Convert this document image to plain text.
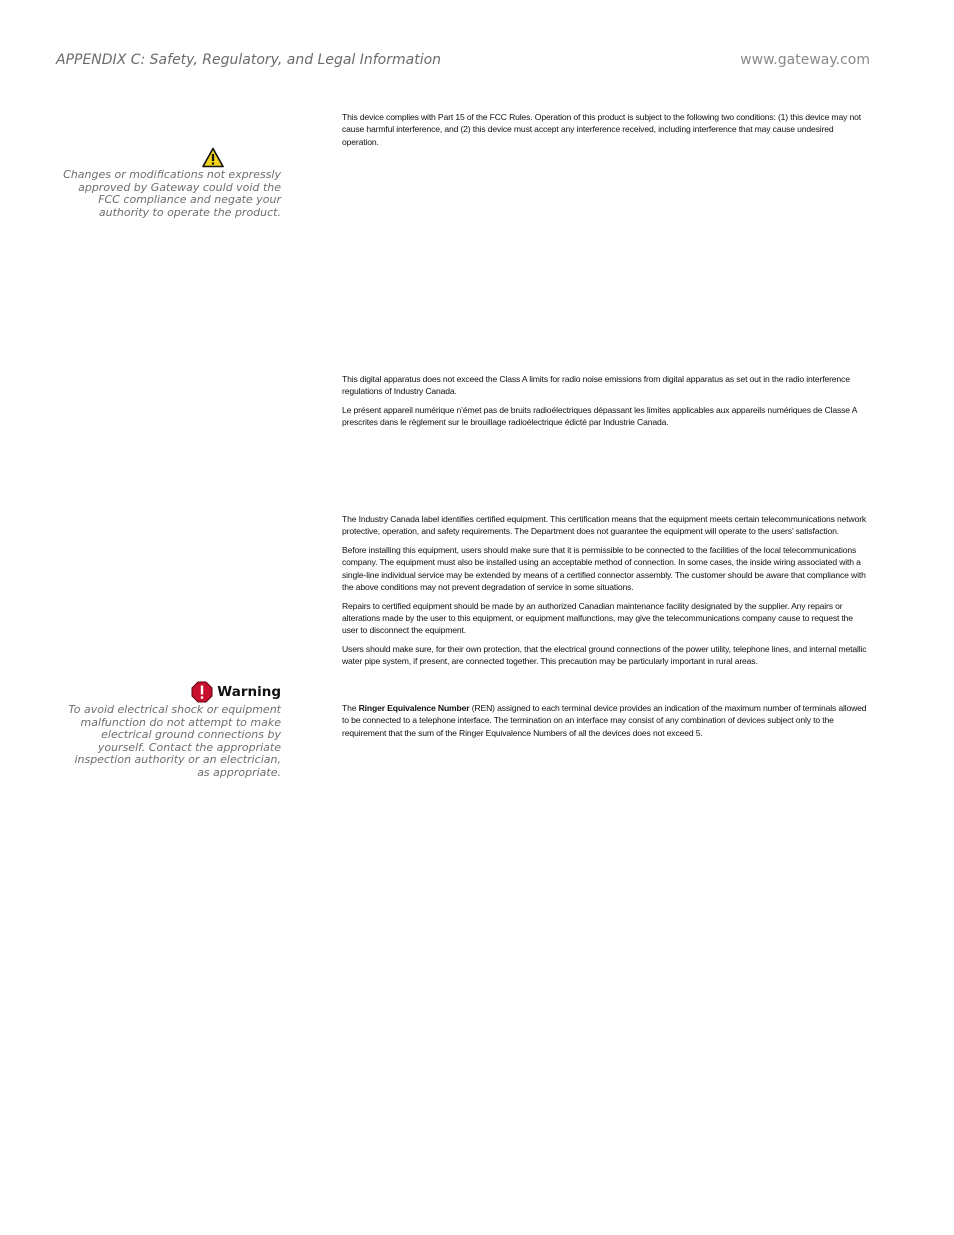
APPENDIX C: Safety, Regulatory, and Legal Information	www.gateway.com
Changes or modifications not expressly approved by Gateway could void the FCC compliance and negate your authority to operate the product.
Warning
To avoid electrical shock or equipment malfunction do not attempt to make electrical ground connections by yourself. Contact the appropriate inspection authority or an electrician, as appropriate.

This device complies with Part 15 of the FCC Rules. Operation of this product is subject to the following two conditions: (1) this device may not cause harmful interference, and (2) this device must accept any interference received, including interference that may cause undesired operation.

This digital apparatus does not exceed the Class A limits for radio noise emissions from digital apparatus as set out in the radio interference regulations of Industry Canada.

Le présent appareil numérique n’émet pas de bruits radioélectriques dépassant les limites applicables aux appareils numériques de Classe A prescrites dans le règlement sur le brouillage radioélectrique édicté par Industrie Canada.

The Industry Canada label identifies certified equipment. This certification means that the equipment meets certain telecommunications network protective, operation, and safety requirements. The Department does not guarantee the equipment will operate to the users’ satisfaction.

Before installing this equipment, users should make sure that it is permissible to be connected to the facilities of the local telecommunications company. The equipment must also be installed using an acceptable method of connection. In some cases, the inside wiring associated with a single-line individual service may be extended by means of a certified connector assembly. The customer should be aware that compliance with the above conditions may not prevent degradation of service in some situations.

Repairs to certified equipment should be made by an authorized Canadian maintenance facility designated by the supplier. Any repairs or alterations made by the user to this equipment, or equipment malfunctions, may give the telecommunications company cause to request the user to disconnect the equipment.

Users should make sure, for their own protection, that the electrical ground connections of the power utility, telephone lines, and internal metallic water pipe system, if present, are connected together. This precaution may be particularly important in rural areas.

The Ringer Equivalence Number (REN) assigned to each terminal device provides an indication of the maximum number of terminals allowed to be connected to a telephone interface. The termination on an interface may consist of any combination of devices subject only to the requirement that the sum of the Ringer Equivalence Numbers of all the devices does not exceed 5.
